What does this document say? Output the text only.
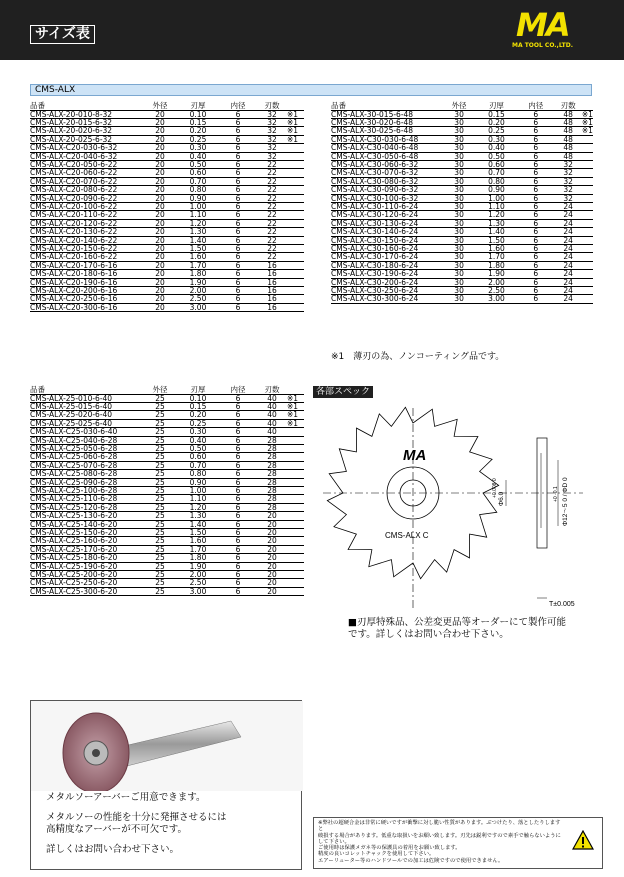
サイズ表	MA
MA TOOL CO.,LTD.
CMS-ALX
品番	外径	刃厚	内径	刃数	
CMS-ALX-20-010-8-32	20	0.10	6	32	※1
CMS-ALX-20-015-6-32	20	0.15	6	32	※1
CMS-ALX-20-020-6-32	20	0.20	6	32	※1
CMS-ALX-20-025-6-32	20	0.25	6	32	※1
CMS-ALX-C20-030-6-32	20	0.30	6	32	
CMS-ALX-C20-040-6-32	20	0.40	6	32	
CMS-ALX-C20-050-6-22	20	0.50	6	22	
CMS-ALX-C20-060-6-22	20	0.60	6	22	
CMS-ALX-C20-070-6-22	20	0.70	6	22	
CMS-ALX-C20-080-6-22	20	0.80	6	22	
CMS-ALX-C20-090-6-22	20	0.90	6	22	
CMS-ALX-C20-100-6-22	20	1.00	6	22	
CMS-ALX-C20-110-6-22	20	1.10	6	22	
CMS-ALX-C20-120-6-22	20	1.20	6	22	
CMS-ALX-C20-130-6-22	20	1.30	6	22	
CMS-ALX-C20-140-6-22	20	1.40	6	22	
CMS-ALX-C20-150-6-22	20	1.50	6	22	
CMS-ALX-C20-160-6-22	20	1.60	6	22	
CMS-ALX-C20-170-6-16	20	1.70	6	16	
CMS-ALX-C20-180-6-16	20	1.80	6	16	
CMS-ALX-C20-190-6-16	20	1.90	6	16	
CMS-ALX-C20-200-6-16	20	2.00	6	16	
CMS-ALX-C20-250-6-16	20	2.50	6	16	
CMS-ALX-C20-300-6-16	20	3.00	6	16	
品番	外径	刃厚	内径	刃数	
CMS-ALX-30-015-6-48	30	0.15	6	48	※1
CMS-ALX-30-020-6-48	30	0.20	6	48	※1
CMS-ALX-30-025-6-48	30	0.25	6	48	※1
CMS-ALX-C30-030-6-48	30	0.30	6	48	
CMS-ALX-C30-040-6-48	30	0.40	6	48	
CMS-ALX-C30-050-6-48	30	0.50	6	48	
CMS-ALX-C30-060-6-32	30	0.60	6	32	
CMS-ALX-C30-070-6-32	30	0.70	6	32	
CMS-ALX-C30-080-6-32	30	0.80	6	32	
CMS-ALX-C30-090-6-32	30	0.90	6	32	
CMS-ALX-C30-100-6-32	30	1.00	6	32	
CMS-ALX-C30-110-6-24	30	1.10	6	24	
CMS-ALX-C30-120-6-24	30	1.20	6	24	
CMS-ALX-C30-130-6-24	30	1.30	6	24	
CMS-ALX-C30-140-6-24	30	1.40	6	24	
CMS-ALX-C30-150-6-24	30	1.50	6	24	
CMS-ALX-C30-160-6-24	30	1.60	6	24	
CMS-ALX-C30-170-6-24	30	1.70	6	24	
CMS-ALX-C30-180-6-24	30	1.80	6	24	
CMS-ALX-C30-190-6-24	30	1.90	6	24	
CMS-ALX-C30-200-6-24	30	2.00	6	24	
CMS-ALX-C30-250-6-24	30	2.50	6	24	
CMS-ALX-C30-300-6-24	30	3.00	6	24	
※1　薄刃の為、ノンコーティング品です。
品番	外径	刃厚	内径	刃数	
CMS-ALX-25-010-6-40	25	0.10	6	40	※1
CMS-ALX-25-015-6-40	25	0.15	6	40	※1
CMS-ALX-25-020-6-40	25	0.20	6	40	※1
CMS-ALX-25-025-6-40	25	0.25	6	40	※1
CMS-ALX-C25-030-6-40	25	0.30	6	40	
CMS-ALX-C25-040-6-28	25	0.40	6	28	
CMS-ALX-C25-050-6-28	25	0.50	6	28	
CMS-ALX-C25-060-6-28	25	0.60	6	28	
CMS-ALX-C25-070-6-28	25	0.70	6	28	
CMS-ALX-C25-080-6-28	25	0.80	6	28	
CMS-ALX-C25-090-6-28	25	0.90	6	28	
CMS-ALX-C25-100-6-28	25	1.00	6	28	
CMS-ALX-C25-110-6-28	25	1.10	6	28	
CMS-ALX-C25-120-6-28	25	1.20	6	28	
CMS-ALX-C25-130-6-20	25	1.30	6	20	
CMS-ALX-C25-140-6-20	25	1.40	6	20	
CMS-ALX-C25-150-6-20	25	1.50	6	20	
CMS-ALX-C25-160-6-20	25	1.60	6	20	
CMS-ALX-C25-170-6-20	25	1.70	6	20	
CMS-ALX-C25-180-6-20	25	1.80	6	20	
CMS-ALX-C25-190-6-20	25	1.90	6	20	
CMS-ALX-C25-200-6-20	25	2.00	6	20	
CMS-ALX-C25-250-6-20	25	2.50	6	20	
CMS-ALX-C25-300-6-20	25	3.00	6	20	
各部スペック
MA
CMS-ALX C
Φ6.0
+0.008 0	Φ12～5 0 / ΦD 0
+0 -0.1
T±0.005
■刃厚特殊品、公差変更品等オーダーにて製作可能
です。詳しくはお問い合わせ下さい。
メタルソーアーバーご用意できます。
メタルソーの性能を十分に発揮させるには
高精度なアーバーが不可欠です。
詳しくはお問い合わせ下さい。
※弊社の超硬合金は非常に硬いですが衝撃に対し脆い性質があります。ぶつけたり、落としたりしますと
破損する場合があります。低重な取扱いをお願い致します。刃先は鋭利ですので素手で触らないように
して下さい。
ご使用時は保護メガネ等の保護具の着用をお願い致します。
精度の良いコレットチャックを使用して下さい。
エアーリューター等のハンドツールでの加工は危険ですので使用できません。
